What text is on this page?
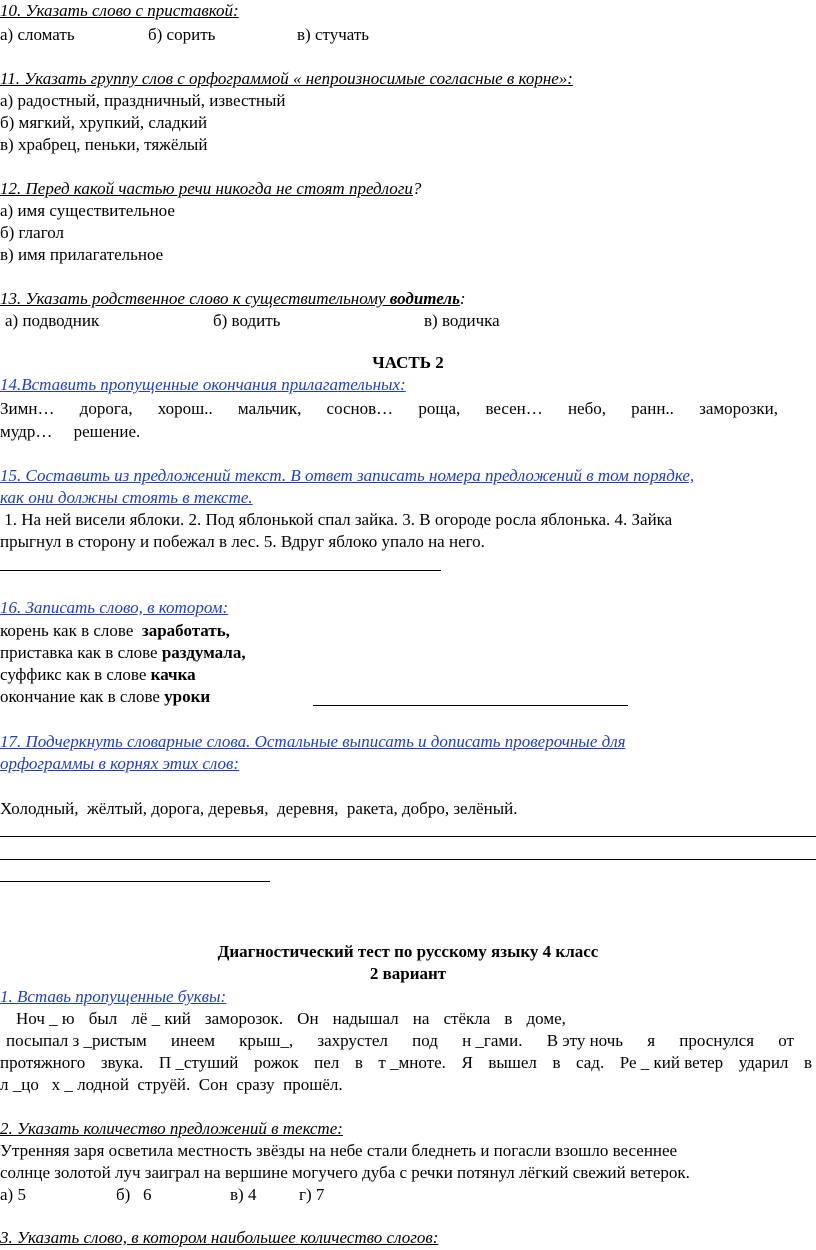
10. Указать слово с приставкой:
а) сломать	б) сорить	в) стучать
11. Указать группу слов с орфограммой « непроизносимые согласные в корне»:
а) радостный, праздничный, известный
б) мягкий, хрупкий, сладкий
в) храбрец, пеньки, тяжёлый
12. Перед какой частью речи никогда не стоят предлоги?
а) имя существительное
б) глагол
в) имя прилагательное
13. Указать родственное слово к существительному водитель:
а) подводник	б) водить	в) водичка
ЧАСТЬ 2
14.Вставить пропущенные окончания прилагательных:
Зимн… дорога, хорош.. мальчик, соснов… роща, весен… небо, ранн.. заморозки,
мудр…     решение.
15. Составить из предложений текст. В ответ записать номера предложений в том порядке,
как они должны стоять в тексте.
1. На ней висели яблоки. 2. Под яблонькой спал зайка. 3. В огороде росла яблонька. 4. Зайка
прыгнул в сторону и побежал в лес. 5. Вдруг яблоко упало на него.
16. Записать слово, в котором:
корень как в слове  заработать,
приставка как в слове раздумала,
суффикс как в слове качка
окончание как в слове уроки
17. Подчеркнуть словарные слова. Остальные выписать и дописать проверочные для
орфограммы в корнях этих слов:
Холодный,  жёлтый, дорога, деревья,  деревня,  ракета, добро, зелёный.
Диагностический тест по русскому языку 4 класс
2 вариант
1. Вставь пропущенные буквы:
Ноч _ ю был лё _ кий заморозок. Он надышал на стёкла в доме,
посыпал з _ристым инеем крыш_, захрустел под н _гами. В эту ночь я проснулся от
протяжного звука. П _стуший рожок пел в т _мноте. Я вышел в сад. Ре _ кий ветер ударил в
л _цо   х _ лодной  струёй.  Сон  сразу  прошёл.
2. Указать количество предложений в тексте:
Утренняя заря осветила местность звёзды на небе стали бледнеть и погасли взошло весеннее
солнце золотой луч заиграл на вершине могучего дуба с речки потянул лёгкий свежий ветерок.
а) 5	б)   6	в) 4	г) 7
3. Указать слово, в котором наибольшее количество слогов:
